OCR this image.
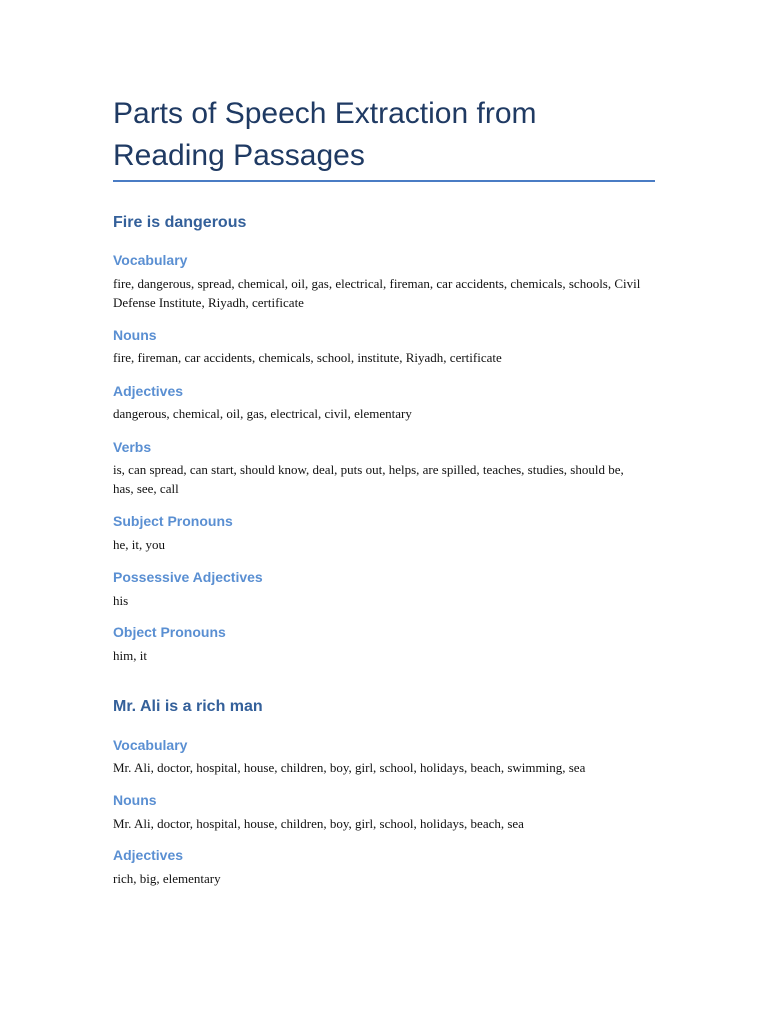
Parts of Speech Extraction from Reading Passages
Fire is dangerous
Vocabulary

fire, dangerous, spread, chemical, oil, gas, electrical, fireman, car accidents, chemicals, schools, Civil Defense Institute, Riyadh, certificate

Nouns

fire, fireman, car accidents, chemicals, school, institute, Riyadh, certificate

Adjectives

dangerous, chemical, oil, gas, electrical, civil, elementary

Verbs

is, can spread, can start, should know, deal, puts out, helps, are spilled, teaches, studies, should be, has, see, call

Subject Pronouns

he, it, you

Possessive Adjectives

his

Object Pronouns

him, it

Mr. Ali is a rich man
Vocabulary

Mr. Ali, doctor, hospital, house, children, boy, girl, school, holidays, beach, swimming, sea

Nouns

Mr. Ali, doctor, hospital, house, children, boy, girl, school, holidays, beach, sea

Adjectives

rich, big, elementary
